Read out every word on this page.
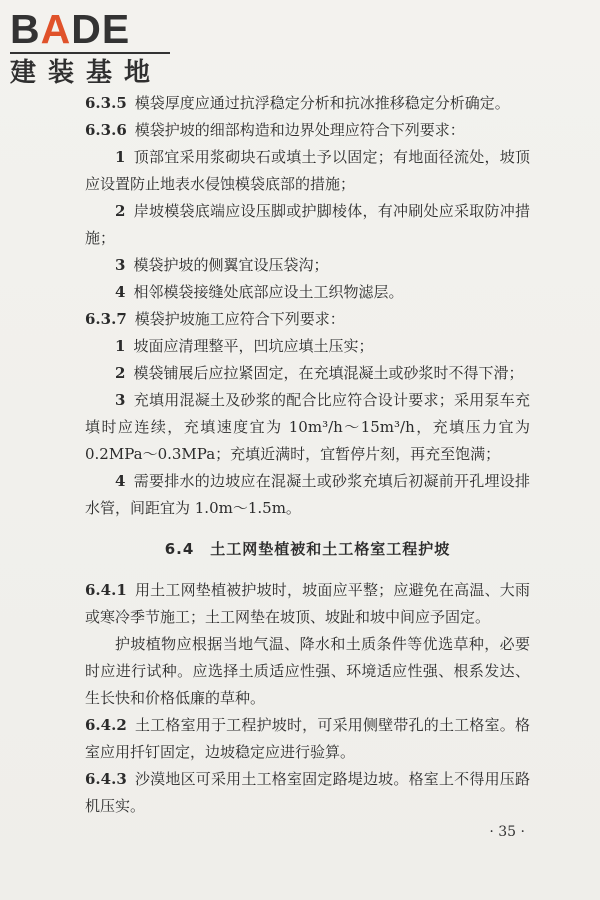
BADE
建装基地

6.3.5 模袋厚度应通过抗浮稳定分析和抗冰推移稳定分析确定。

6.3.6 模袋护坡的细部构造和边界处理应符合下列要求：

1 顶部宜采用浆砌块石或填土予以固定；有地面径流处，坡顶应设置防止地表水侵蚀模袋底部的措施；

2 岸坡模袋底端应设压脚或护脚棱体，有冲刷处应采取防冲措施；

3 模袋护坡的侧翼宜设压袋沟；

4 相邻模袋接缝处底部应设土工织物滤层。

6.3.7 模袋护坡施工应符合下列要求：

1 坡面应清理整平，凹坑应填土压实；

2 模袋铺展后应拉紧固定，在充填混凝土或砂浆时不得下滑；

3 充填用混凝土及砂浆的配合比应符合设计要求；采用泵车充填时应连续，充填速度宜为 10m³/h～15m³/h，充填压力宜为 0.2MPa～0.3MPa；充填近满时，宜暂停片刻，再充至饱满；

4 需要排水的边坡应在混凝土或砂浆充填后初凝前开孔埋设排水管，间距宜为 1.0m～1.5m。

6.4 土工网垫植被和土工格室工程护坡

6.4.1 用土工网垫植被护坡时，坡面应平整；应避免在高温、大雨或寒冷季节施工；土工网垫在坡顶、坡趾和坡中间应予固定。

护坡植物应根据当地气温、降水和土质条件等优选草种，必要时应进行试种。应选择土质适应性强、环境适应性强、根系发达、生长快和价格低廉的草种。

6.4.2 土工格室用于工程护坡时，可采用侧壁带孔的土工格室。格室应用扦钉固定，边坡稳定应进行验算。

6.4.3 沙漠地区可采用土工格室固定路堤边坡。格室上不得用压路机压实。

· 35 ·
